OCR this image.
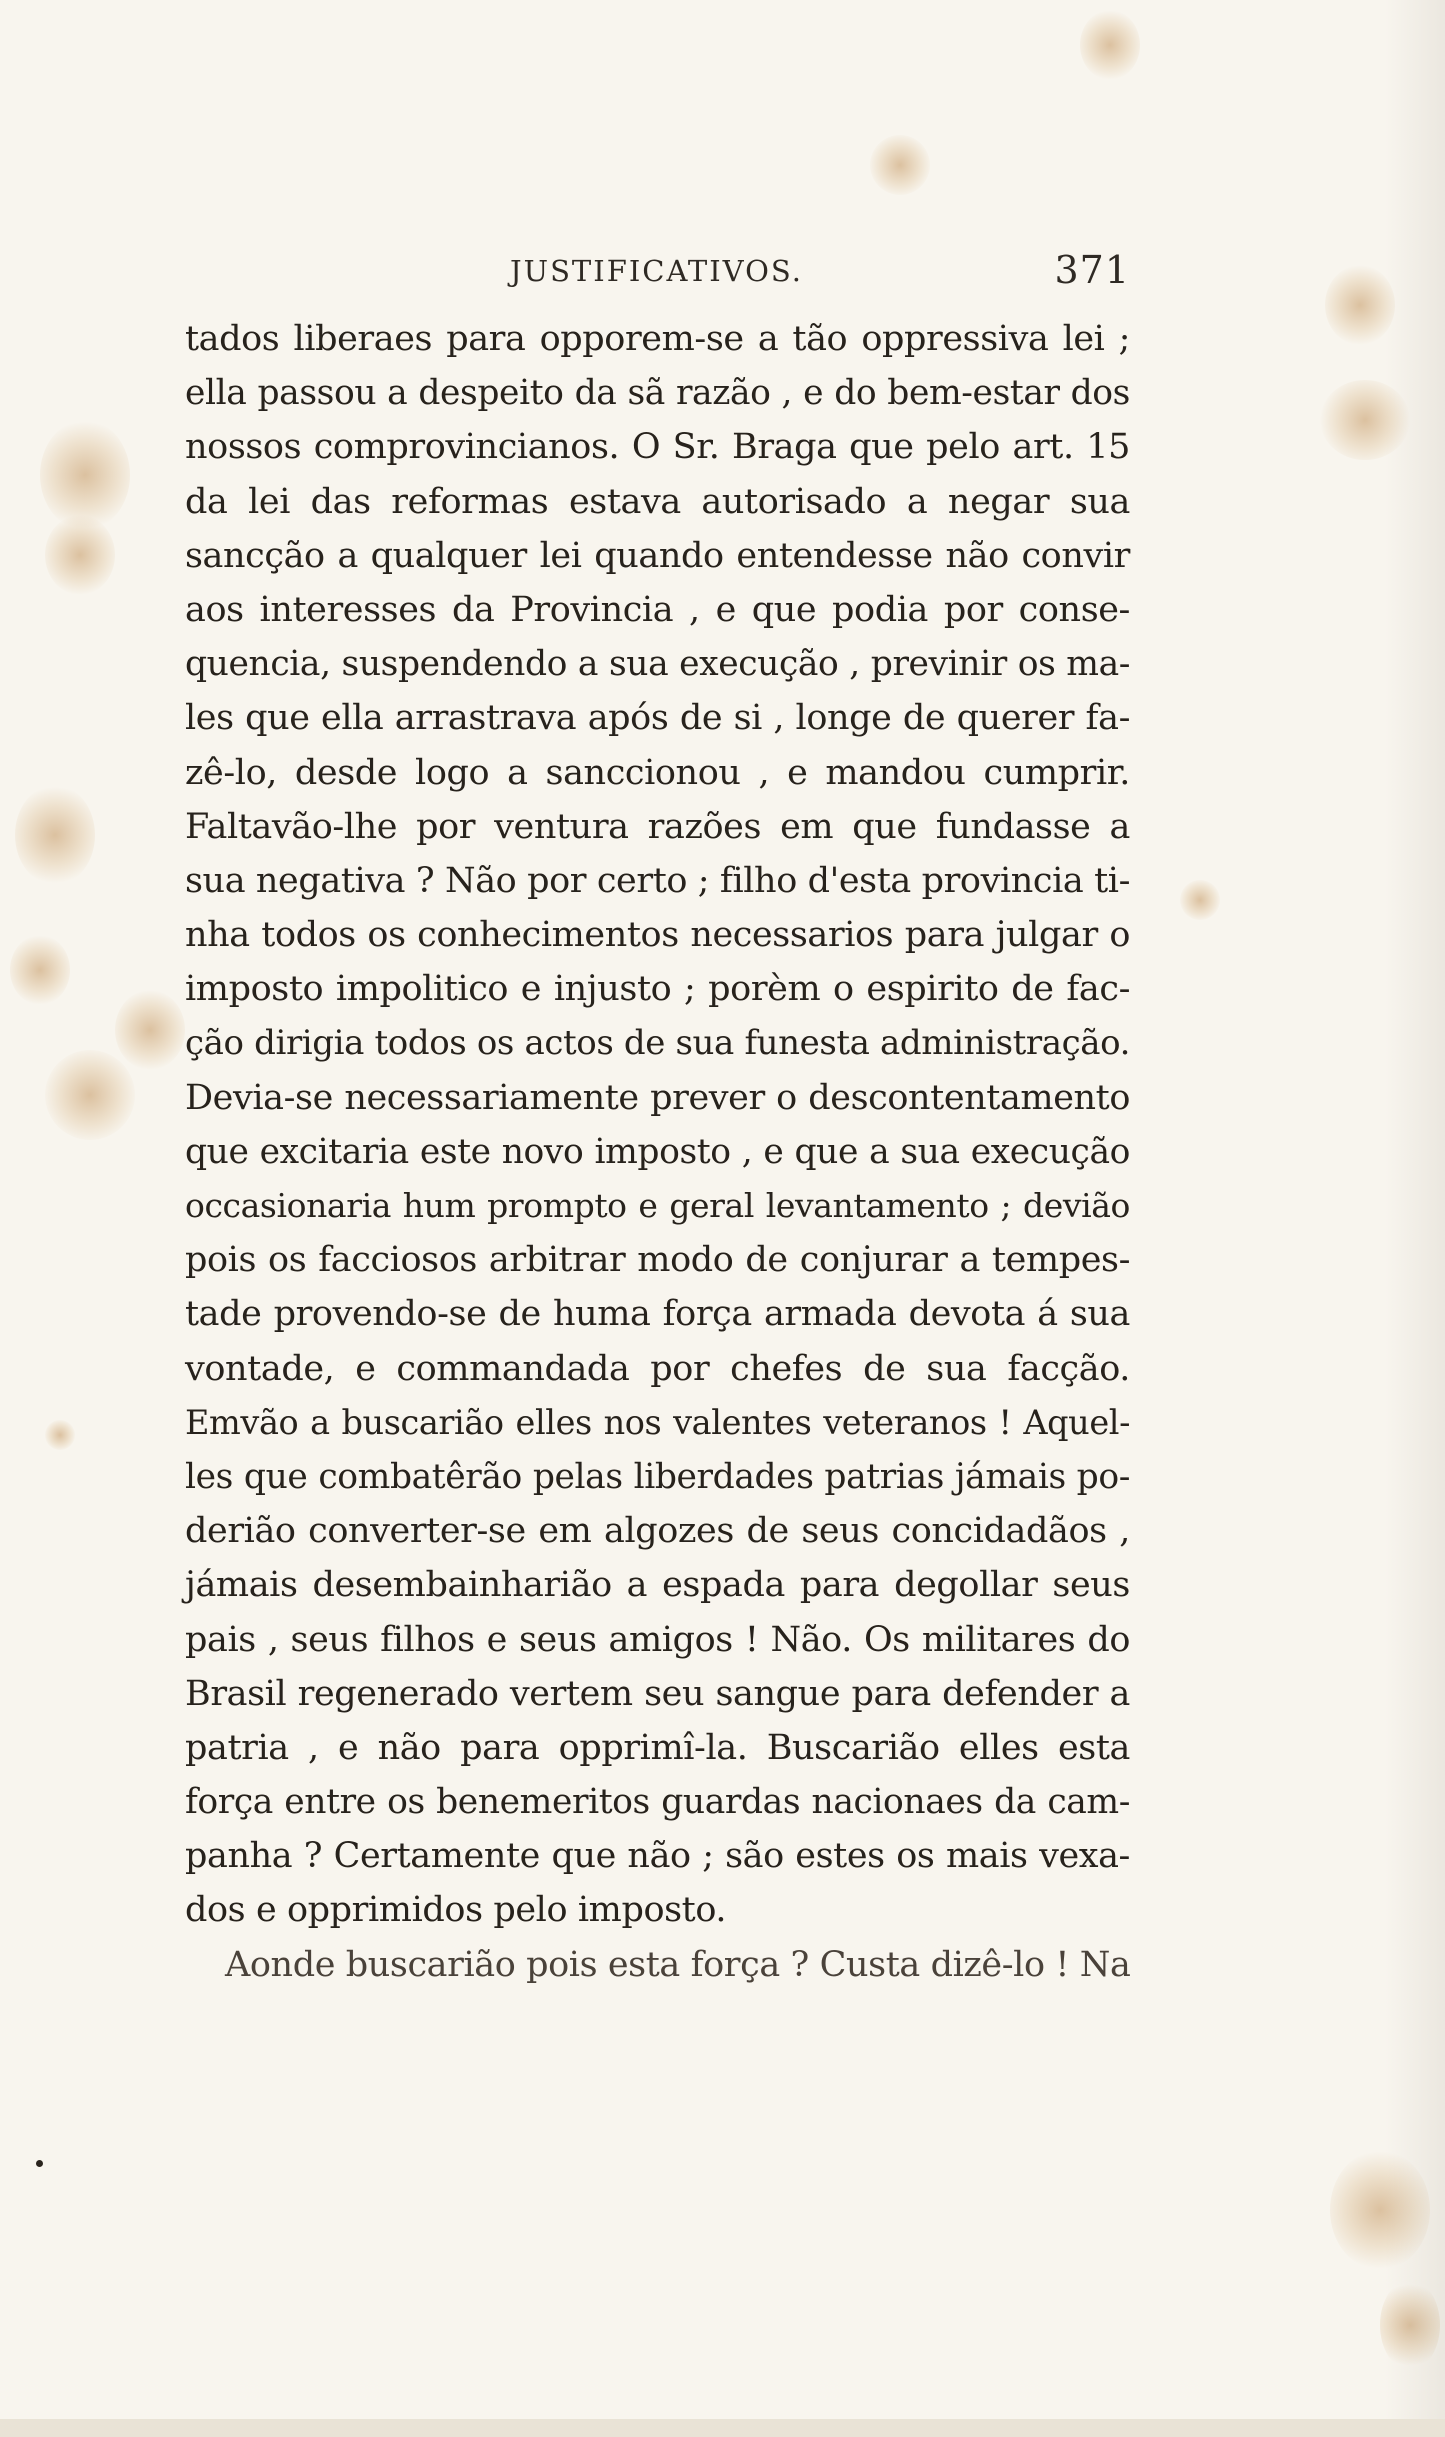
JUSTIFICATIVOS.	371
tados liberaes para opporem-se a tão oppressiva lei ;
ella passou a despeito da sã razão , e do bem-estar dos
nossos comprovincianos. O Sr. Braga que pelo art. 15
da lei das reformas estava autorisado a negar sua
sancção a qualquer lei quando entendesse não convir
aos interesses da Provincia , e que podia por conse-
quencia, suspendendo a sua execução , previnir os ma-
les que ella arrastrava após de si , longe de querer fa-
zê-lo, desde logo a sanccionou , e mandou cumprir.
Faltavão-lhe por ventura razões em que fundasse a
sua negativa ? Não por certo ; filho d'esta provincia ti-
nha todos os conhecimentos necessarios para julgar o
imposto impolitico e injusto ; porèm o espirito de fac-
ção dirigia todos os actos de sua funesta administração.
Devia-se necessariamente prever o descontentamento
que excitaria este novo imposto , e que a sua execução
occasionaria hum prompto e geral levantamento ; devião
pois os facciosos arbitrar modo de conjurar a tempes-
tade provendo-se de huma força armada devota á sua
vontade, e commandada por chefes de sua facção.
Emvão a buscarião elles nos valentes veteranos ! Aquel-
les que combatêrão pelas liberdades patrias jámais po-
derião converter-se em algozes de seus concidadãos ,
jámais desembainharião a espada para degollar seus
pais , seus filhos e seus amigos ! Não. Os militares do
Brasil regenerado vertem seu sangue para defender a
patria , e não para opprimî-la. Buscarião elles esta
força entre os benemeritos guardas nacionaes da cam-
panha ? Certamente que não ; são estes os mais vexa-
dos e opprimidos pelo imposto.
Aonde buscarião pois esta força ? Custa dizê-lo ! Na
